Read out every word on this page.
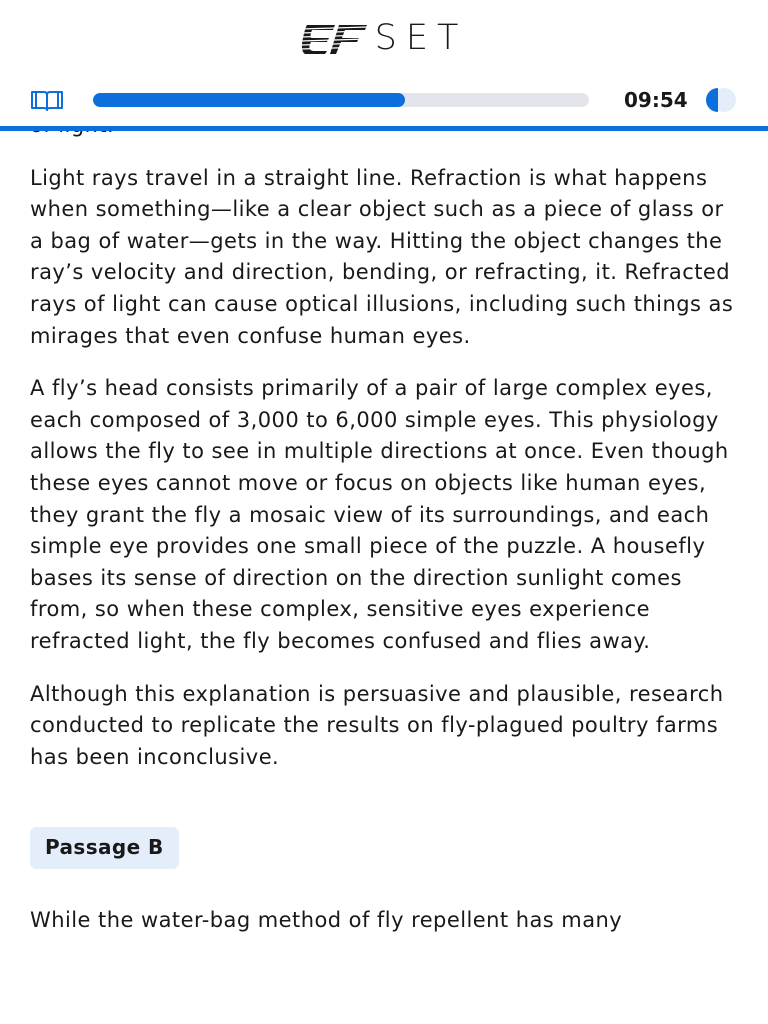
Light rays travel in a straight line. Refraction is what happens when something—like a clear object such as a piece of glass or a bag of water—gets in the way. Hitting the object changes the ray’s velocity and direction, bending, or refracting, it. Refracted rays of light can cause optical illusions, including such things as mirages that even confuse human eyes.

A fly’s head consists primarily of a pair of large complex eyes, each composed of 3,000 to 6,000 simple eyes. This physiology allows the fly to see in multiple directions at once. Even though these eyes cannot move or focus on objects like human eyes, they grant the fly a mosaic view of its surroundings, and each simple eye provides one small piece of the puzzle. A housefly bases its sense of direction on the direction sunlight comes from, so when these complex, sensitive eyes experience refracted light, the fly becomes confused and flies away.

Although this explanation is persuasive and plausible, research conducted to replicate the results on fly-plagued poultry farms has been inconclusive.

Passage B

While the water-bag method of fly repellent has many

SET
09:54
